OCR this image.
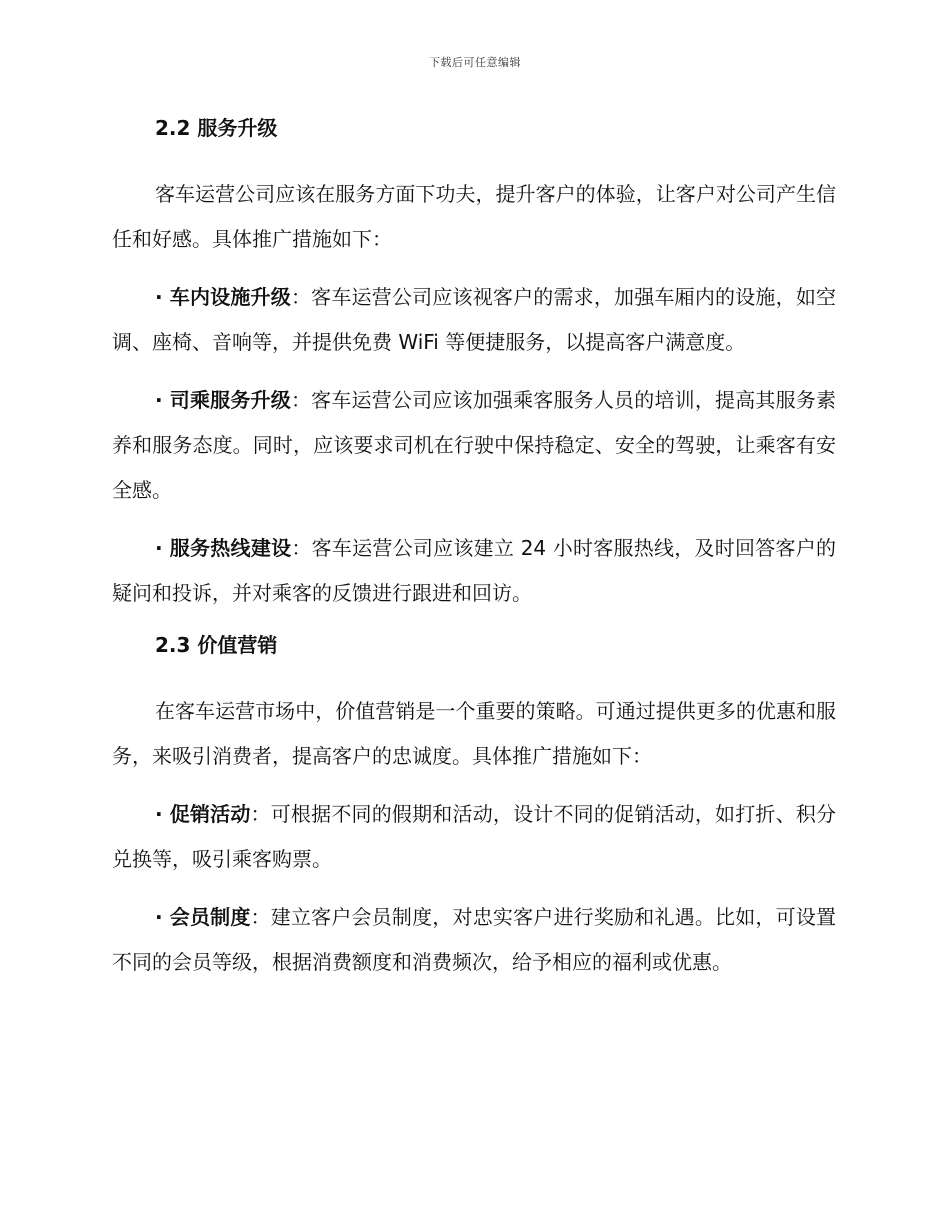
下载后可任意编辑
2.2 服务升级

客车运营公司应该在服务方面下功夫，提升客户的体验，让客户对公司产生信任和好感。具体推广措施如下：

· 车内设施升级：客车运营公司应该视客户的需求，加强车厢内的设施，如空调、座椅、音响等，并提供免费 WiFi 等便捷服务，以提高客户满意度。

· 司乘服务升级：客车运营公司应该加强乘客服务人员的培训，提高其服务素养和服务态度。同时，应该要求司机在行驶中保持稳定、安全的驾驶，让乘客有安全感。

· 服务热线建设：客车运营公司应该建立 24 小时客服热线，及时回答客户的疑问和投诉，并对乘客的反馈进行跟进和回访。

2.3 价值营销

在客车运营市场中，价值营销是一个重要的策略。可通过提供更多的优惠和服务，来吸引消费者，提高客户的忠诚度。具体推广措施如下：

· 促销活动：可根据不同的假期和活动，设计不同的促销活动，如打折、积分兑换等，吸引乘客购票。

· 会员制度：建立客户会员制度，对忠实客户进行奖励和礼遇。比如，可设置不同的会员等级，根据消费额度和消费频次，给予相应的福利或优惠。
